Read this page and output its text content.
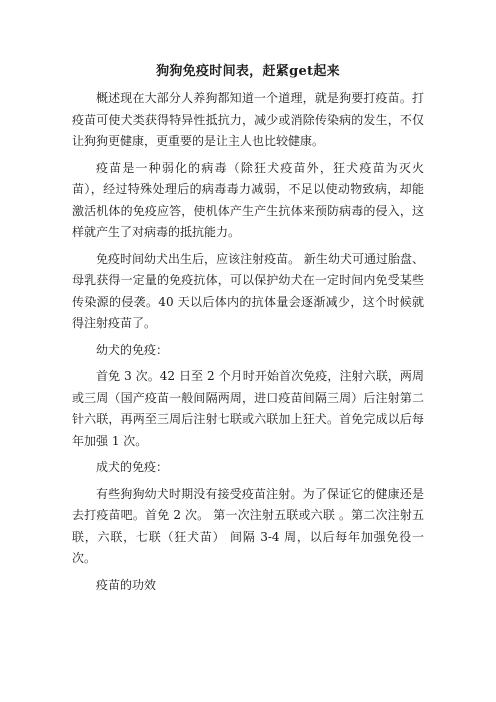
狗狗免疫时间表，赶紧get起来

概述现在大部分人养狗都知道一个道理，就是狗要打疫苗。打疫苗可使犬类获得特异性抵抗力，减少或消除传染病的发生，不仅让狗狗更健康，更重要的是让主人也比较健康。

疫苗是一种弱化的病毒（除狂犬疫苗外，狂犬疫苗为灭火苗），经过特殊处理后的病毒毒力减弱，不足以使动物致病，却能激活机体的免疫应答，使机体产生产生抗体来预防病毒的侵入，这样就产生了对病毒的抵抗能力。

免疫时间幼犬出生后，应该注射疫苗。 新生幼犬可通过胎盘、母乳获得一定量的免疫抗体，可以保护幼犬在一定时间内免受某些传染源的侵袭。40 天以后体内的抗体量会逐渐减少，这个时候就得注射疫苗了。

幼犬的免疫：

首免 3 次。42 日至 2 个月时开始首次免疫，注射六联，两周或三周（国产疫苗一般间隔两周，进口疫苗间隔三周）后注射第二针六联，再两至三周后注射七联或六联加上狂犬。首免完成以后每年加强 1 次。

成犬的免疫：

有些狗狗幼犬时期没有接受疫苗注射。为了保证它的健康还是去打疫苗吧。首免 2 次。 第一次注射五联或六联 。第二次注射五联，六联，七联（狂犬苗） 间隔 3-4 周，以后每年加强免役一次。

疫苗的功效
